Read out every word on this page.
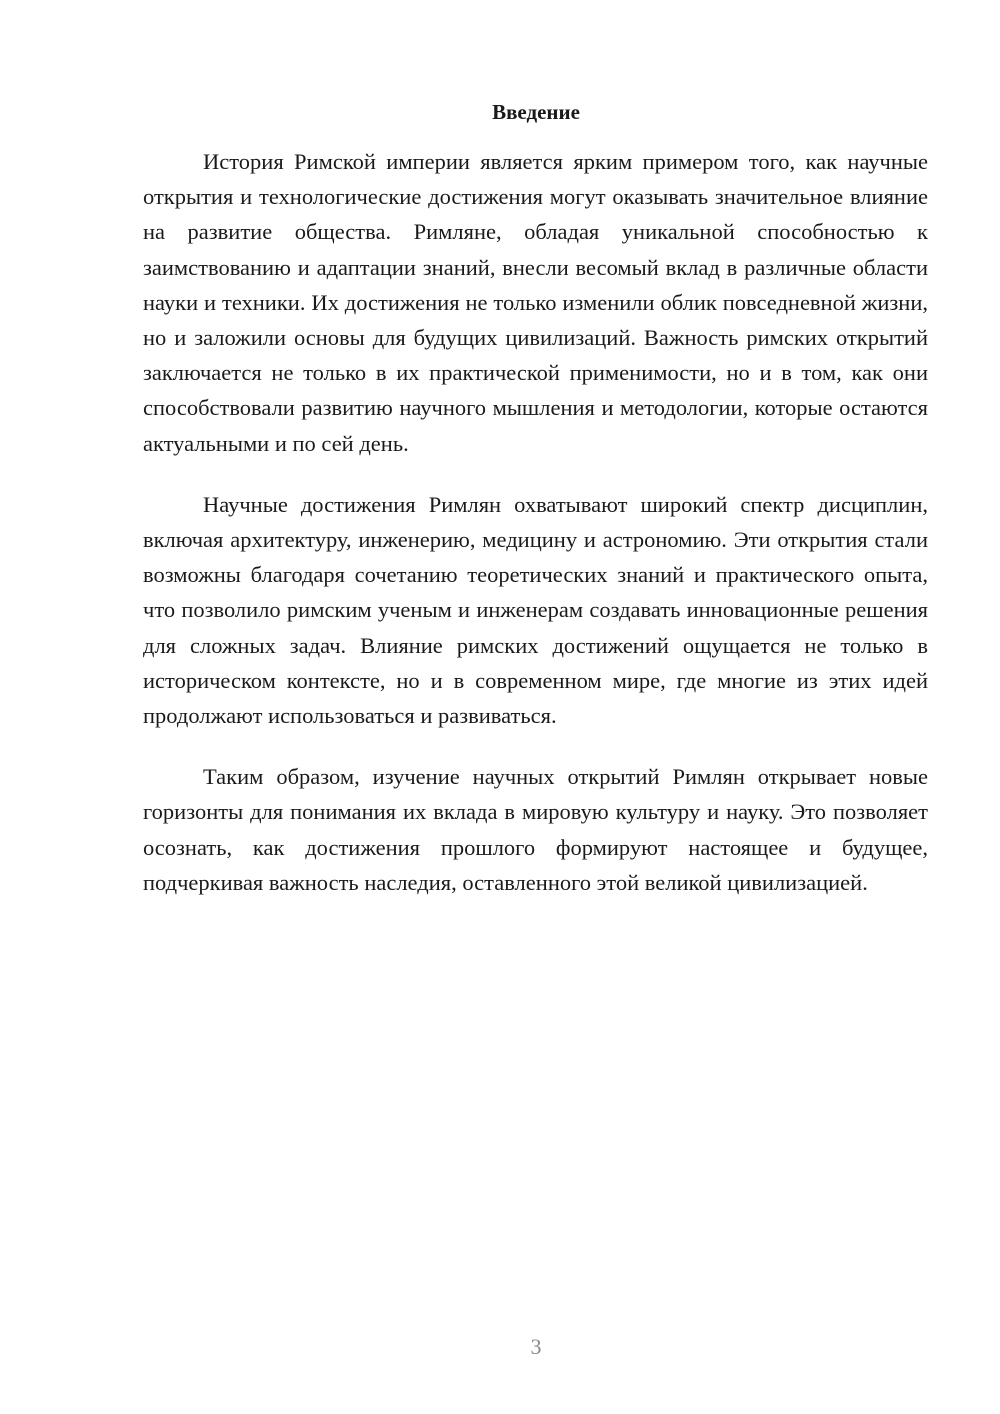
Введение

История Римской империи является ярким примером того, как научные открытия и технологические достижения могут оказывать значительное влияние на развитие общества. Римляне, обладая уникальной способностью к заимствованию и адаптации знаний, внесли весомый вклад в различные области науки и техники. Их достижения не только изменили облик повседневной жизни, но и заложили основы для будущих цивилизаций. Важность римских открытий заключается не только в их практической применимости, но и в том, как они способствовали развитию научного мышления и методологии, которые остаются актуальными и по сей день.

Научные достижения Римлян охватывают широкий спектр дисциплин, включая архитектуру, инженерию, медицину и астрономию. Эти открытия стали возможны благодаря сочетанию теоретических знаний и практического опыта, что позволило римским ученым и инженерам создавать инновационные решения для сложных задач. Влияние римских достижений ощущается не только в историческом контексте, но и в современном мире, где многие из этих идей продолжают использоваться и развиваться.

Таким образом, изучение научных открытий Римлян открывает новые горизонты для понимания их вклада в мировую культуру и науку. Это позволяет осознать, как достижения прошлого формируют настоящее и будущее, подчеркивая важность наследия, оставленного этой великой цивилизацией.

3
